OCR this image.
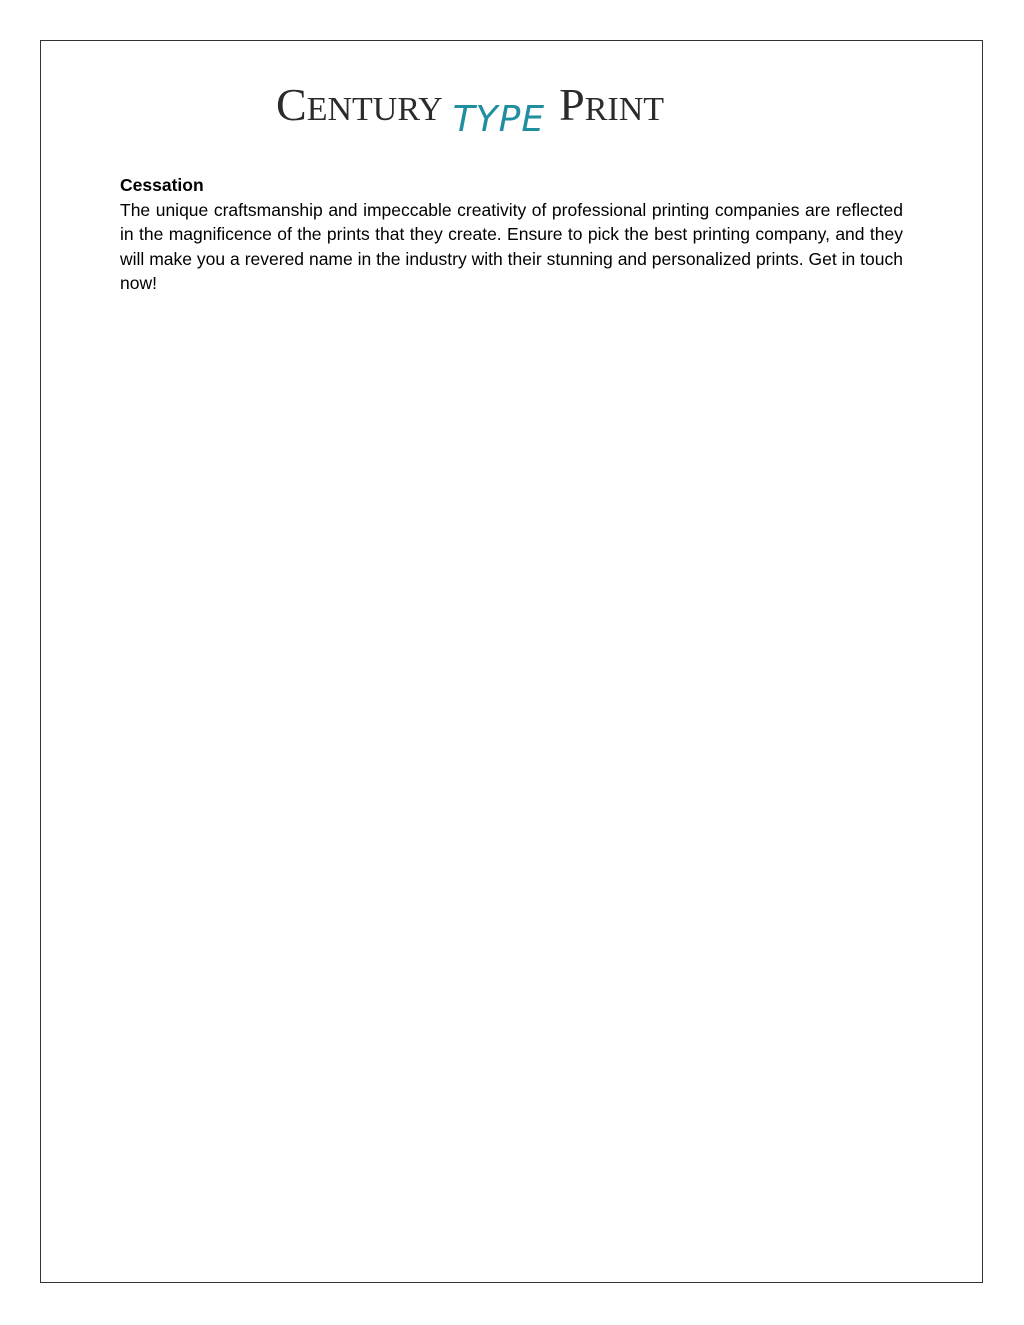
C ENTURY TYPE P RINT

Cessation

The unique craftsmanship and impeccable creativity of professional printing companies are reflected in the magnificence of the prints that they create. Ensure to pick the best printing company, and they will make you a revered name in the industry with their stunning and personalized prints. Get in touch now!
